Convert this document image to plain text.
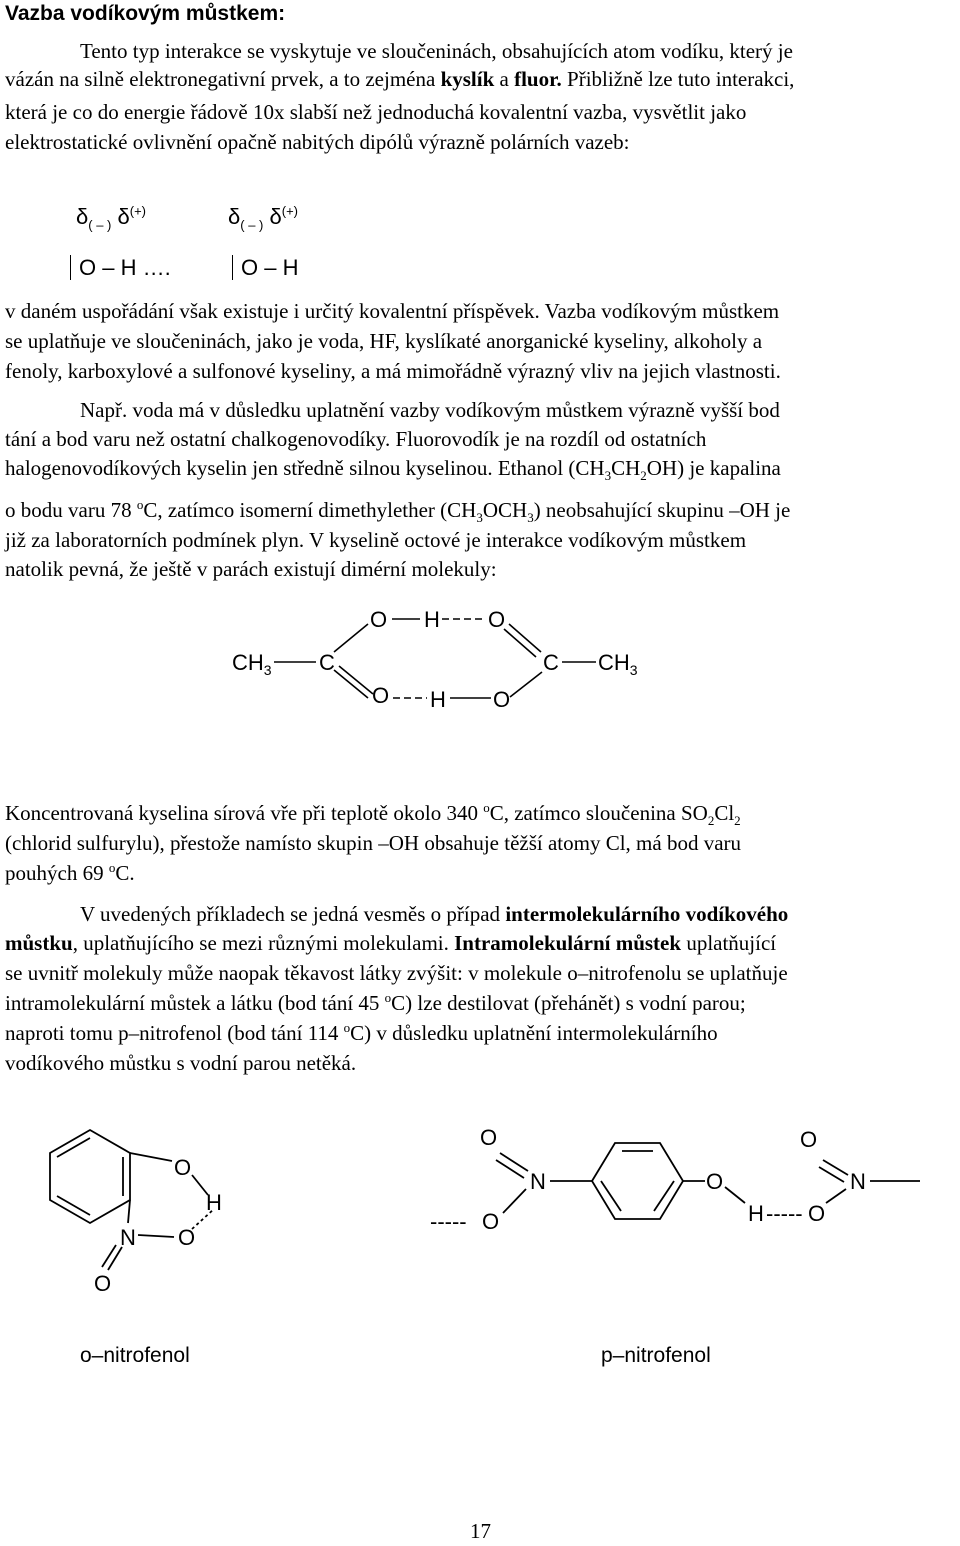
Vazba vodíkovým můstkem:
Tento typ interakce se vyskytuje ve sloučeninách, obsahujících atom vodíku, který je
vázán na silně elektronegativní prvek, a to zejména kyslík a fluor. Přibližně lze tuto interakci,
která je co do energie řádově 10x slabší než jednoduchá kovalentní vazba, vysvětlit jako
elektrostatické ovlivnění opačně nabitých dipólů výrazně polárních vazeb:
$\delta_{( - )}$ δ(+)	$\delta_{( - )}$ δ(+)
O – H ….	O – H
v daném uspořádání však existuje i určitý kovalentní příspěvek. Vazba vodíkovým můstkem
se uplatňuje ve sloučeninách, jako je voda, HF, kyslíkaté anorganické kyseliny, alkoholy a
fenoly, karboxylové a sulfonové kyseliny, a má mimořádně výrazný vliv na jejich vlastnosti.
Např. voda má v důsledku uplatnění vazby vodíkovým můstkem výrazně vyšší bod
tání a bod varu než ostatní chalkogenovodíky. Fluorovodík je na rozdíl od ostatních
halogenovodíkových kyselin jen středně silnou kyselinou. Ethanol $(CH_3CH_2OH)$ je kapalina
o bodu varu 78 $^o$C, zatímco isomerní dimethylether $(CH_3OCH_3)$ neobsahující skupinu –OH je
již za laboratorních podmínek plyn. V kyselině octové je interakce vodíkovým můstkem
natolik pevná, že ještě v parách existují dimérní molekuly:
O H O
$CH_3$ C	C $CH_3$
O H O
Koncentrovaná kyselina sírová vře při teplotě okolo 340 $^o$C, zatímco sloučenina $SO_2Cl_2$
(chlorid sulfurylu), přestože namísto skupin –OH obsahuje těžší atomy Cl, má bod varu
pouhých 69 $^o$C.
V uvedených příkladech se jedná vesměs o případ intermolekulárního vodíkového
můstku, uplatňujícího se mezi různými molekulami. Intramolekulární můstek uplatňující
se uvnitř molekuly může naopak těkavost látky zvýšit: v molekule o–nitrofenolu se uplatňuje
intramolekulární můstek a látku (bod tání 45 $^o$C) lze destilovat (přehánět) s vodní parou;
naproti tomu p–nitrofenol (bod tání 114 $^o$C) v důsledku uplatnění intermolekulárního
vodíkového můstku s vodní parou netěká.
O
H
N O
O
O
N
----- O
O
H ----- O
O
N
o–nitrofenol	p–nitrofenol
17
